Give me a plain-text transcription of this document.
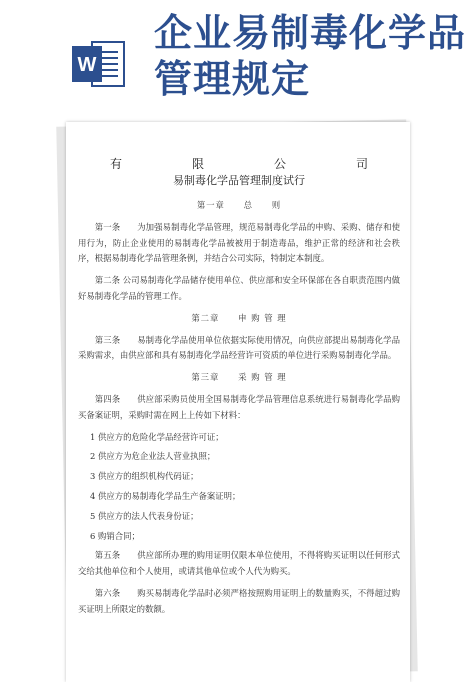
W
企业易制毒化学品管理规定
有	限	公	司
易制毒化学品管理制度试行
第一章　　总　　则

第一条　　为加强易制毒化学品管理，规范易制毒化学品的申购、采购、储存和使用行为，防止企业使用的易制毒化学品被被用于制造毒品，维护正常的经济和社会秩序，根据易制毒化学品管理条例，并结合公司实际，特制定本制度。

第二条 公司易制毒化学品储存使用单位、供应部和安全环保部在各自职责范围内做好易制毒化学品的管理工作。

第二章　　申 购 管 理

第三条　　易制毒化学品使用单位依据实际使用情况，向供应部提出易制毒化学品采购需求，由供应部和具有易制毒化学品经营许可资质的单位进行采购易制毒化学品。

第三章　　采 购 管 理

第四条　　供应部采购员使用全国易制毒化学品管理信息系统进行易制毒化学品购买备案证明，采购时需在网上上传如下材料：

1 供应方的危险化学品经营许可证；
2 供应方为危企业法人营业执照；
3 供应方的组织机构代码证；
4 供应方的易制毒化学品生产备案证明；
5 供应方的法人代表身份证；
6 购销合同；

第五条　　供应部所办理的购用证明仅限本单位使用，不得将购买证明以任何形式交给其他单位和个人使用，或请其他单位或个人代为购买。

第六条　　购买易制毒化学品时必须严格按照购用证明上的数量购买，不得超过购买证明上所限定的数额。
